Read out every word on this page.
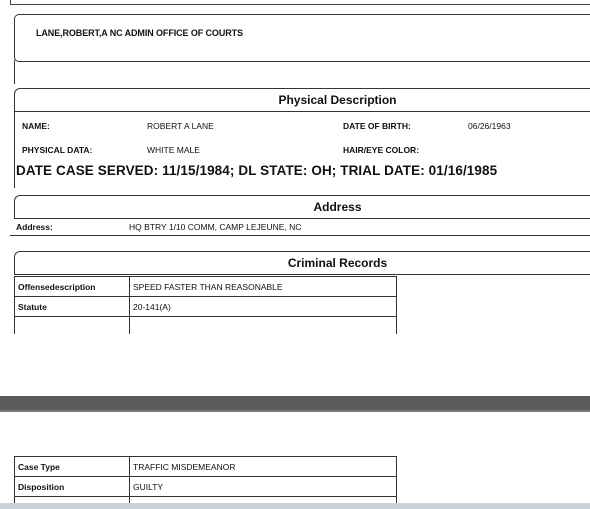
LANE,ROBERT,A NC ADMIN OFFICE OF COURTS
Physical Description
NAME:	ROBERT A LANE	DATE OF BIRTH:	06/26/1963
PHYSICAL DATA:	WHITE MALE	HAIR/EYE COLOR:
DATE CASE SERVED: 11/15/1984; DL STATE: OH; TRIAL DATE: 01/16/1985
Address
Address:	HQ BTRY 1/10 COMM, CAMP LEJEUNE, NC
Criminal Records
Offensedescription	SPEED FASTER THAN REASONABLE
Statute	20-141(A)

Case Type	TRAFFIC MISDEMEANOR
Disposition	GUILTY
